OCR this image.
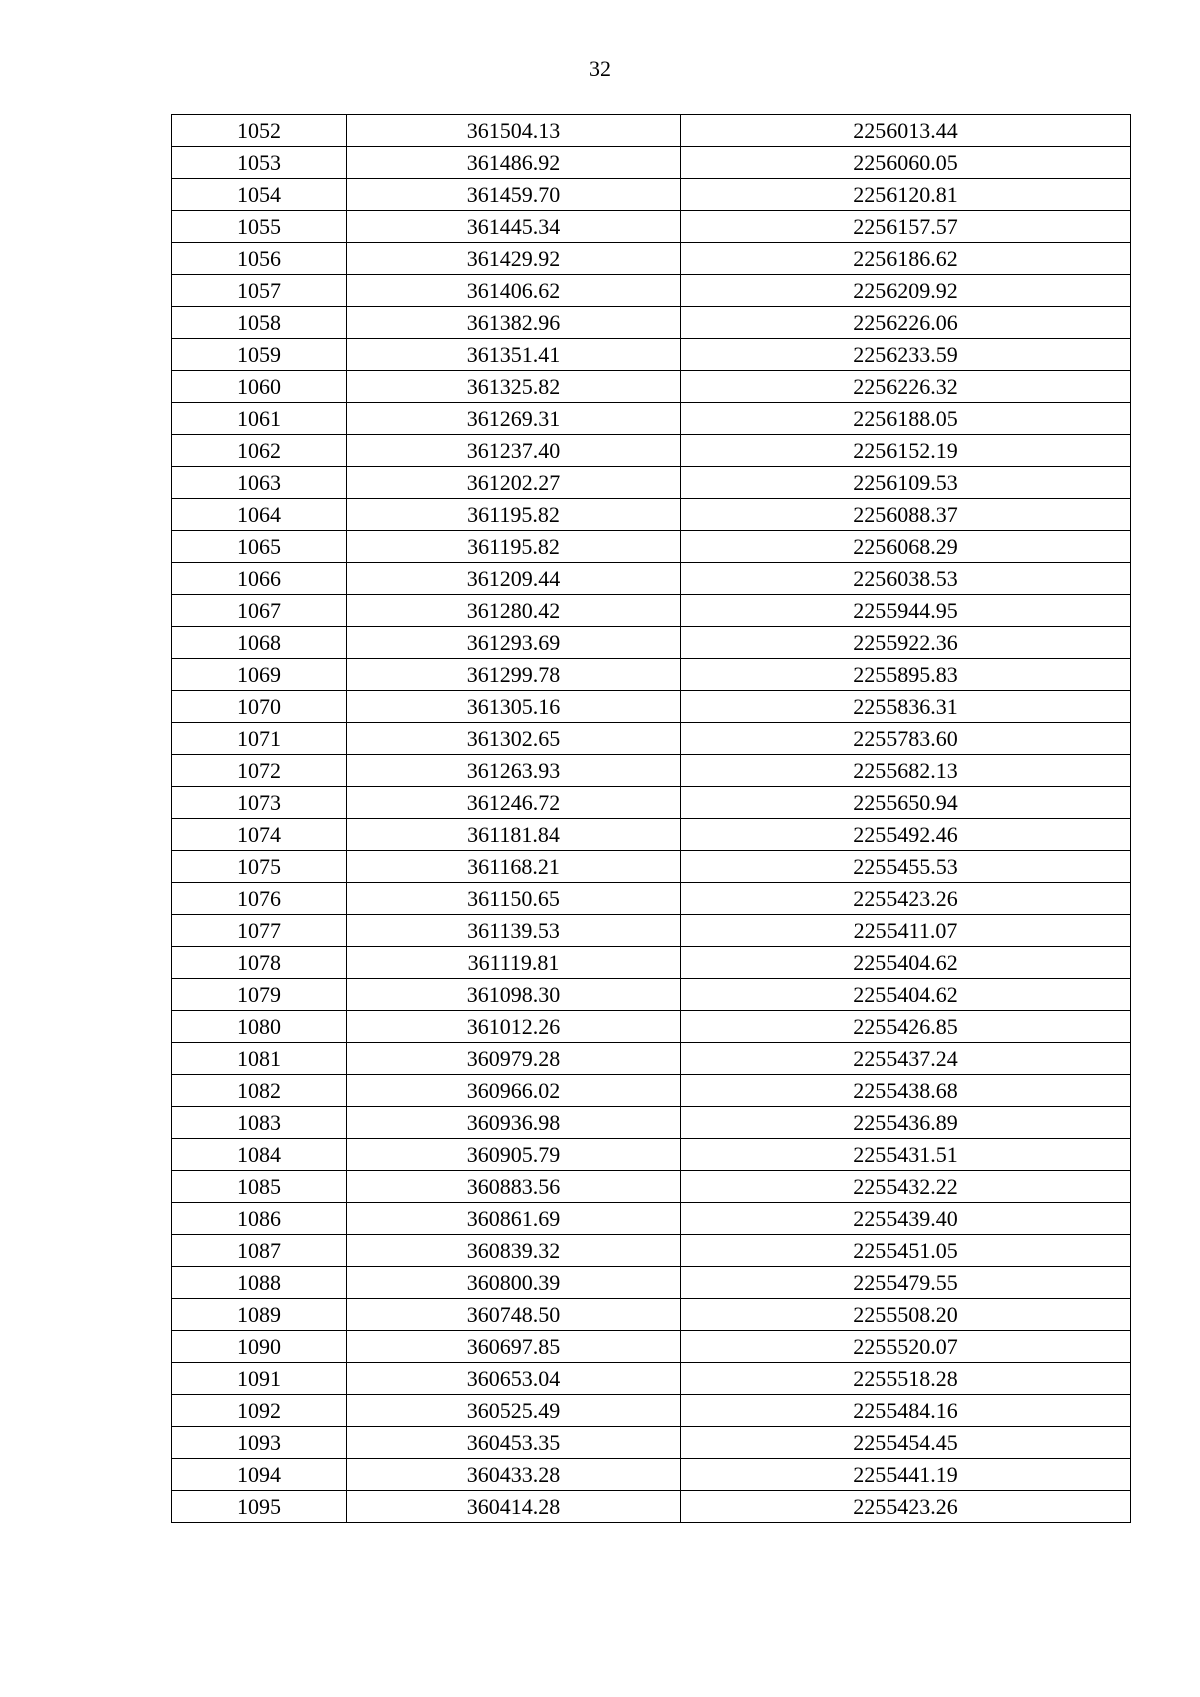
32
1052	361504.13	2256013.44
1053	361486.92	2256060.05
1054	361459.70	2256120.81
1055	361445.34	2256157.57
1056	361429.92	2256186.62
1057	361406.62	2256209.92
1058	361382.96	2256226.06
1059	361351.41	2256233.59
1060	361325.82	2256226.32
1061	361269.31	2256188.05
1062	361237.40	2256152.19
1063	361202.27	2256109.53
1064	361195.82	2256088.37
1065	361195.82	2256068.29
1066	361209.44	2256038.53
1067	361280.42	2255944.95
1068	361293.69	2255922.36
1069	361299.78	2255895.83
1070	361305.16	2255836.31
1071	361302.65	2255783.60
1072	361263.93	2255682.13
1073	361246.72	2255650.94
1074	361181.84	2255492.46
1075	361168.21	2255455.53
1076	361150.65	2255423.26
1077	361139.53	2255411.07
1078	361119.81	2255404.62
1079	361098.30	2255404.62
1080	361012.26	2255426.85
1081	360979.28	2255437.24
1082	360966.02	2255438.68
1083	360936.98	2255436.89
1084	360905.79	2255431.51
1085	360883.56	2255432.22
1086	360861.69	2255439.40
1087	360839.32	2255451.05
1088	360800.39	2255479.55
1089	360748.50	2255508.20
1090	360697.85	2255520.07
1091	360653.04	2255518.28
1092	360525.49	2255484.16
1093	360453.35	2255454.45
1094	360433.28	2255441.19
1095	360414.28	2255423.26
